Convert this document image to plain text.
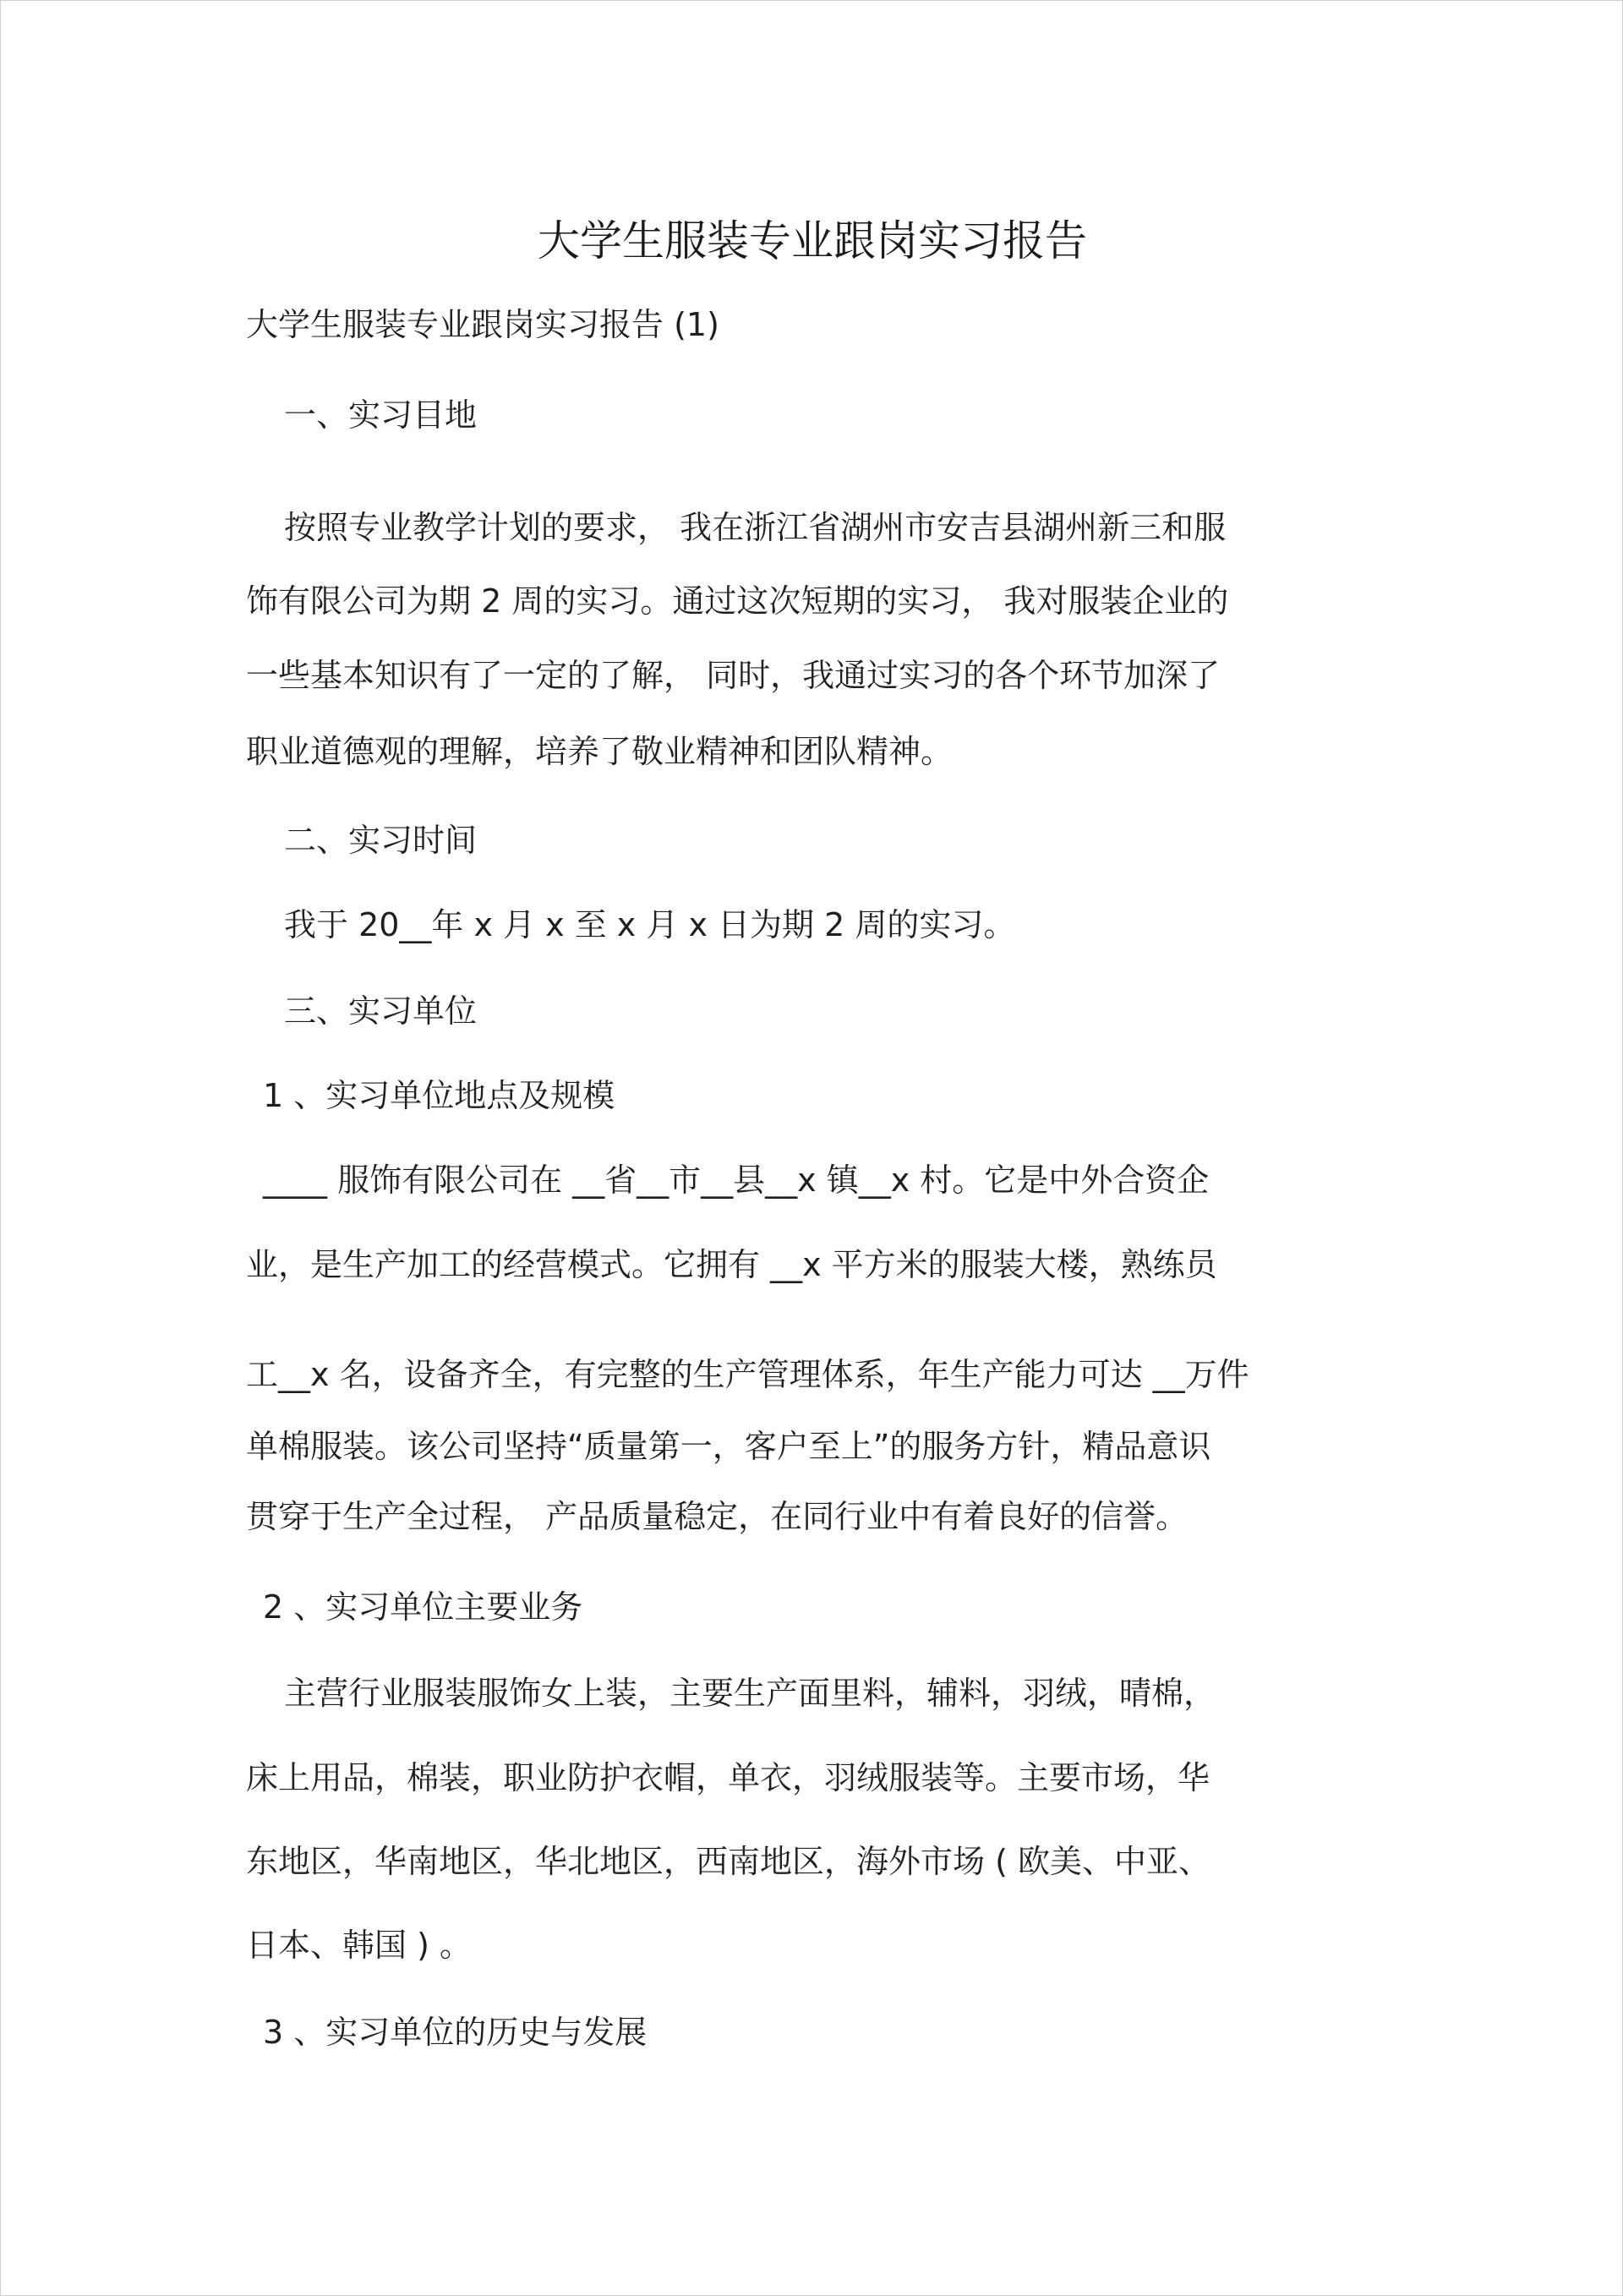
大学生服装专业跟岗实习报告
大学生服装专业跟岗实习报告 (1)
一、实习目地
按照专业教学计划的要求， 我在浙江省湖州市安吉县湖州新三和服
饰有限公司为期 2 周的实习。通过这次短期的实习， 我对服装企业的
一些基本知识有了一定的了解， 同时，我通过实习的各个环节加深了
职业道德观的理解，培养了敬业精神和团队精神。
二、实习时间
我于 20__年 x 月 x 至 x 月 x 日为期 2 周的实习。
三、实习单位
1 、实习单位地点及规模
____ 服饰有限公司在 __省__市__县__x 镇__x 村。它是中外合资企
业，是生产加工的经营模式。它拥有 __x 平方米的服装大楼，熟练员
工__x 名，设备齐全，有完整的生产管理体系，年生产能力可达 __万件
单棉服装。该公司坚持“质量第一，客户至上”的服务方针，精品意识
贯穿于生产全过程， 产品质量稳定，在同行业中有着良好的信誉。
2 、实习单位主要业务
主营行业服装服饰女上装，主要生产面里料，辅料，羽绒，晴棉，
床上用品，棉装，职业防护衣帽，单衣，羽绒服装等。主要市场，华
东地区，华南地区，华北地区，西南地区，海外市场 ( 欧美、中亚、
日本、韩国 ) 。
3 、实习单位的历史与发展
